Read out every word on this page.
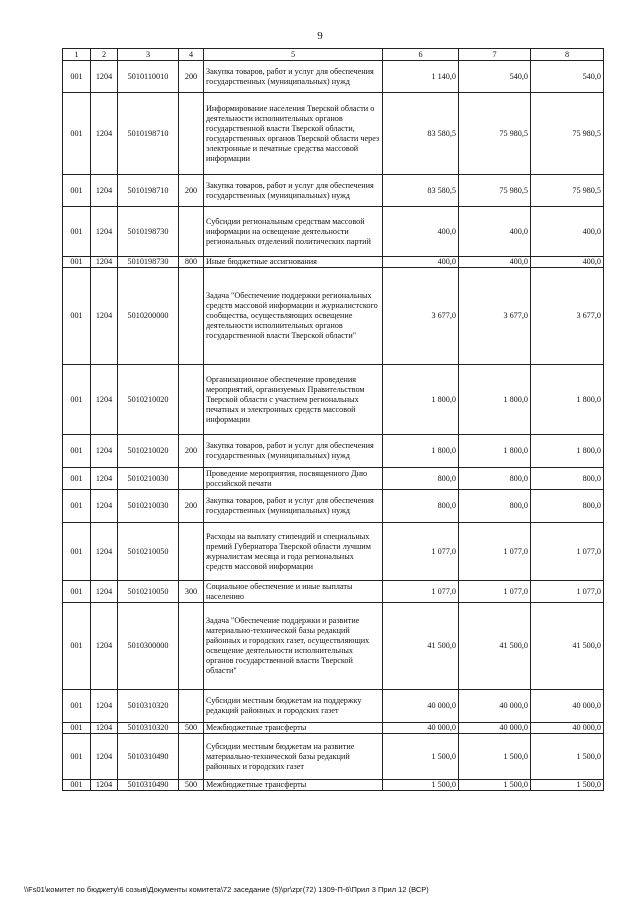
9
1	2	3	4	5	6	7	8
001	1204	5010110010	200	Закупка товаров, работ и услуг для обеспечения государственных (муниципальных) нужд	1 140,0	540,0	540,0
001	1204	5010198710		Информирование населения Тверской области о деятельности исполнительных органов государственной власти Тверской области, государственных органов Тверской области через электронные и печатные средства массовой информации	83 580,5	75 980,5	75 980,5
001	1204	5010198710	200	Закупка товаров, работ и услуг для обеспечения государственных (муниципальных) нужд	83 580,5	75 980,5	75 980,5
001	1204	5010198730		Субсидии региональным средствам массовой информации на освещение деятельности региональных отделений политических партий	400,0	400,0	400,0
001	1204	5010198730	800	Иные бюджетные ассигнования	400,0	400,0	400,0
001	1204	5010200000		Задача "Обеспечение поддержки региональных средств массовой информации и журналистского сообщества, осуществляющих освещение деятельности исполнительных органов государственной власти Тверской области"	3 677,0	3 677,0	3 677,0
001	1204	5010210020		Организационное обеспечение проведения мероприятий, организуемых Правительством Тверской области с участием региональных печатных и электронных средств массовой информации	1 800,0	1 800,0	1 800,0
001	1204	5010210020	200	Закупка товаров, работ и услуг для обеспечения государственных (муниципальных) нужд	1 800,0	1 800,0	1 800,0
001	1204	5010210030		Проведение мероприятия, посвященного Дню российской печати	800,0	800,0	800,0
001	1204	5010210030	200	Закупка товаров, работ и услуг для обеспечения государственных (муниципальных) нужд	800,0	800,0	800,0
001	1204	5010210050		Расходы на выплату стипендий и специальных премий Губернатора Тверской области лучшим журналистам месяца и года региональных средств массовой информации	1 077,0	1 077,0	1 077,0
001	1204	5010210050	300	Социальное обеспечение и иные выплаты населению	1 077,0	1 077,0	1 077,0
001	1204	5010300000		Задача "Обеспечение поддержки и развитие материально-технической базы редакций районных и городских газет, осуществляющих освещение деятельности исполнительных органов государственной власти Тверской области"	41 500,0	41 500,0	41 500,0
001	1204	5010310320		Субсидии местным бюджетам на поддержку редакций районных и городских газет	40 000,0	40 000,0	40 000,0
001	1204	5010310320	500	Межбюджетные трансферты	40 000,0	40 000,0	40 000,0
001	1204	5010310490		Субсидии местным бюджетам на развитие материально-технической базы редакций районных и городских газет	1 500,0	1 500,0	1 500,0
001	1204	5010310490	500	Межбюджетные трансферты	1 500,0	1 500,0	1 500,0
\\Fs01\комитет по бюджету\6 созыв\Документы комитета\72 заседание (5)\рг\zрг(72) 1309-П-6\Прил 3 Прил 12 (ВСР)
